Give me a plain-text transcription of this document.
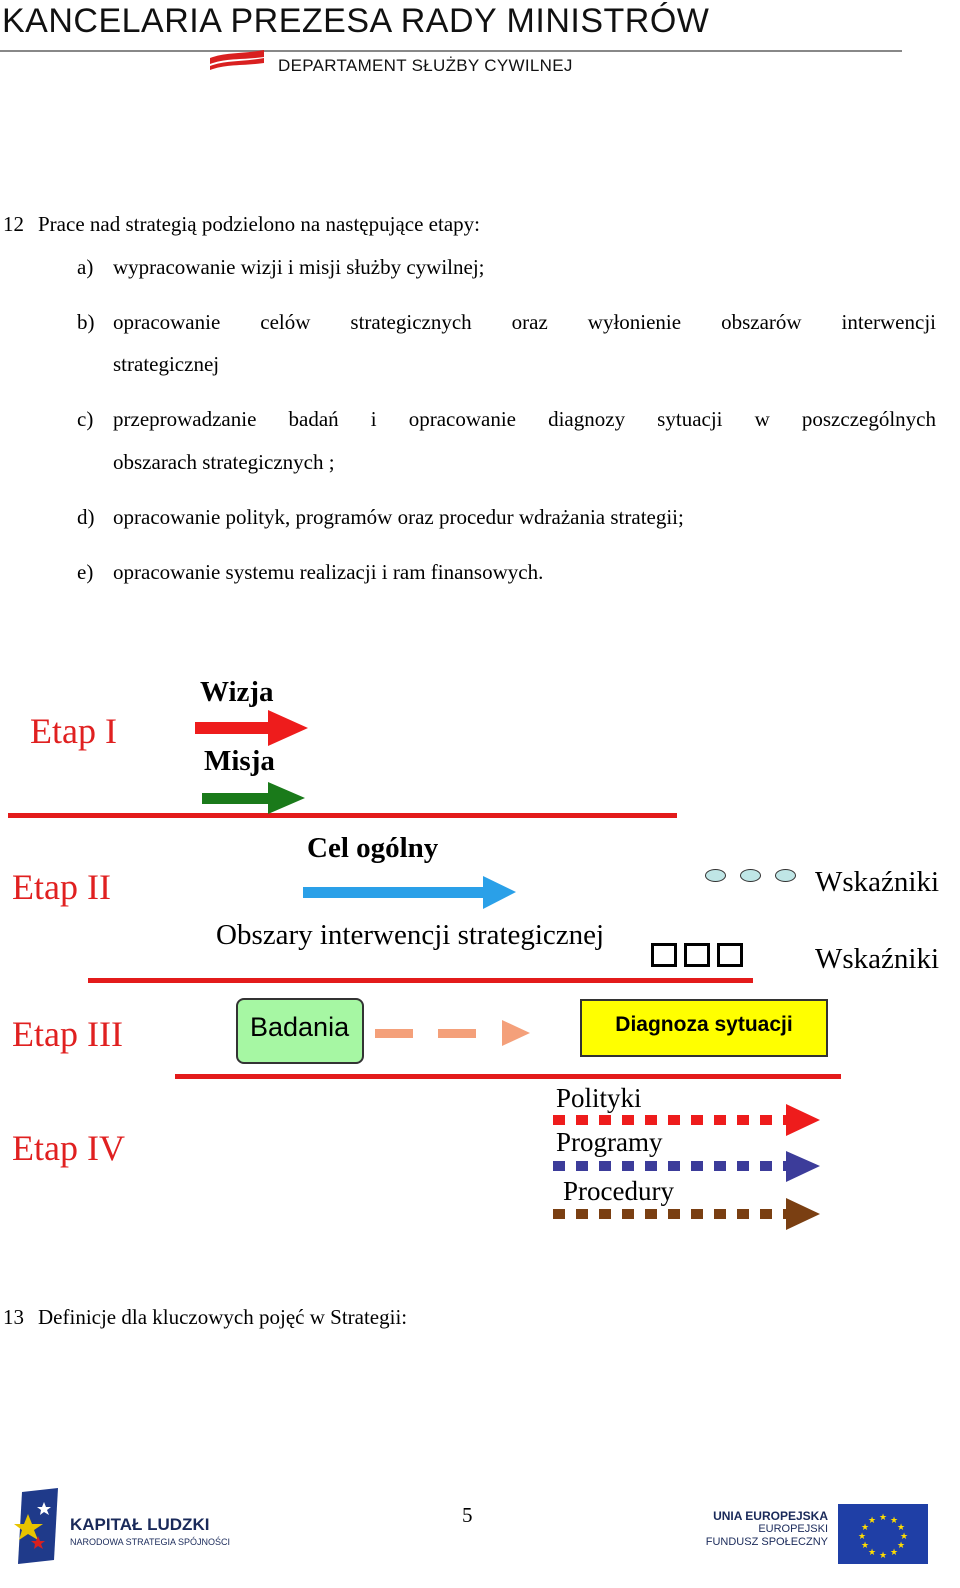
KANCELARIA PREZESA RADY MINISTRÓW
DEPARTAMENT SŁUŻBY CYWILNEJ
12 Prace nad strategią podzielono na następujące etapy:
a) wypracowanie wizji i misji służby cywilnej;
b) opracowanie celów strategicznych oraz wyłonienie obszarów interwencji
strategicznej
c) przeprowadzanie badań i opracowanie diagnozy sytuacji w poszczególnych
obszarach strategicznych ;
d) opracowanie polityk, programów oraz procedur wdrażania strategii;
e) opracowanie systemu realizacji i ram finansowych.
Etap I
Etap II
Etap III
Etap IV
Wizja
Misja
Cel ogólny
Obszary interwencji strategicznej
Wskaźniki
Wskaźniki
Badania	Diagnoza sytuacji
Polityki
Programy
Procedury
13 Definicje dla kluczowych pojęć w Strategii:
KAPITAŁ LUDZKI
NARODOWA STRATEGIA SPÓJNOŚCI
5	UNIA EUROPEJSKA
EUROPEJSKI
FUNDUSZ SPOŁECZNY
★ ★
★
★
★
★
★
★
★
★
★
★
